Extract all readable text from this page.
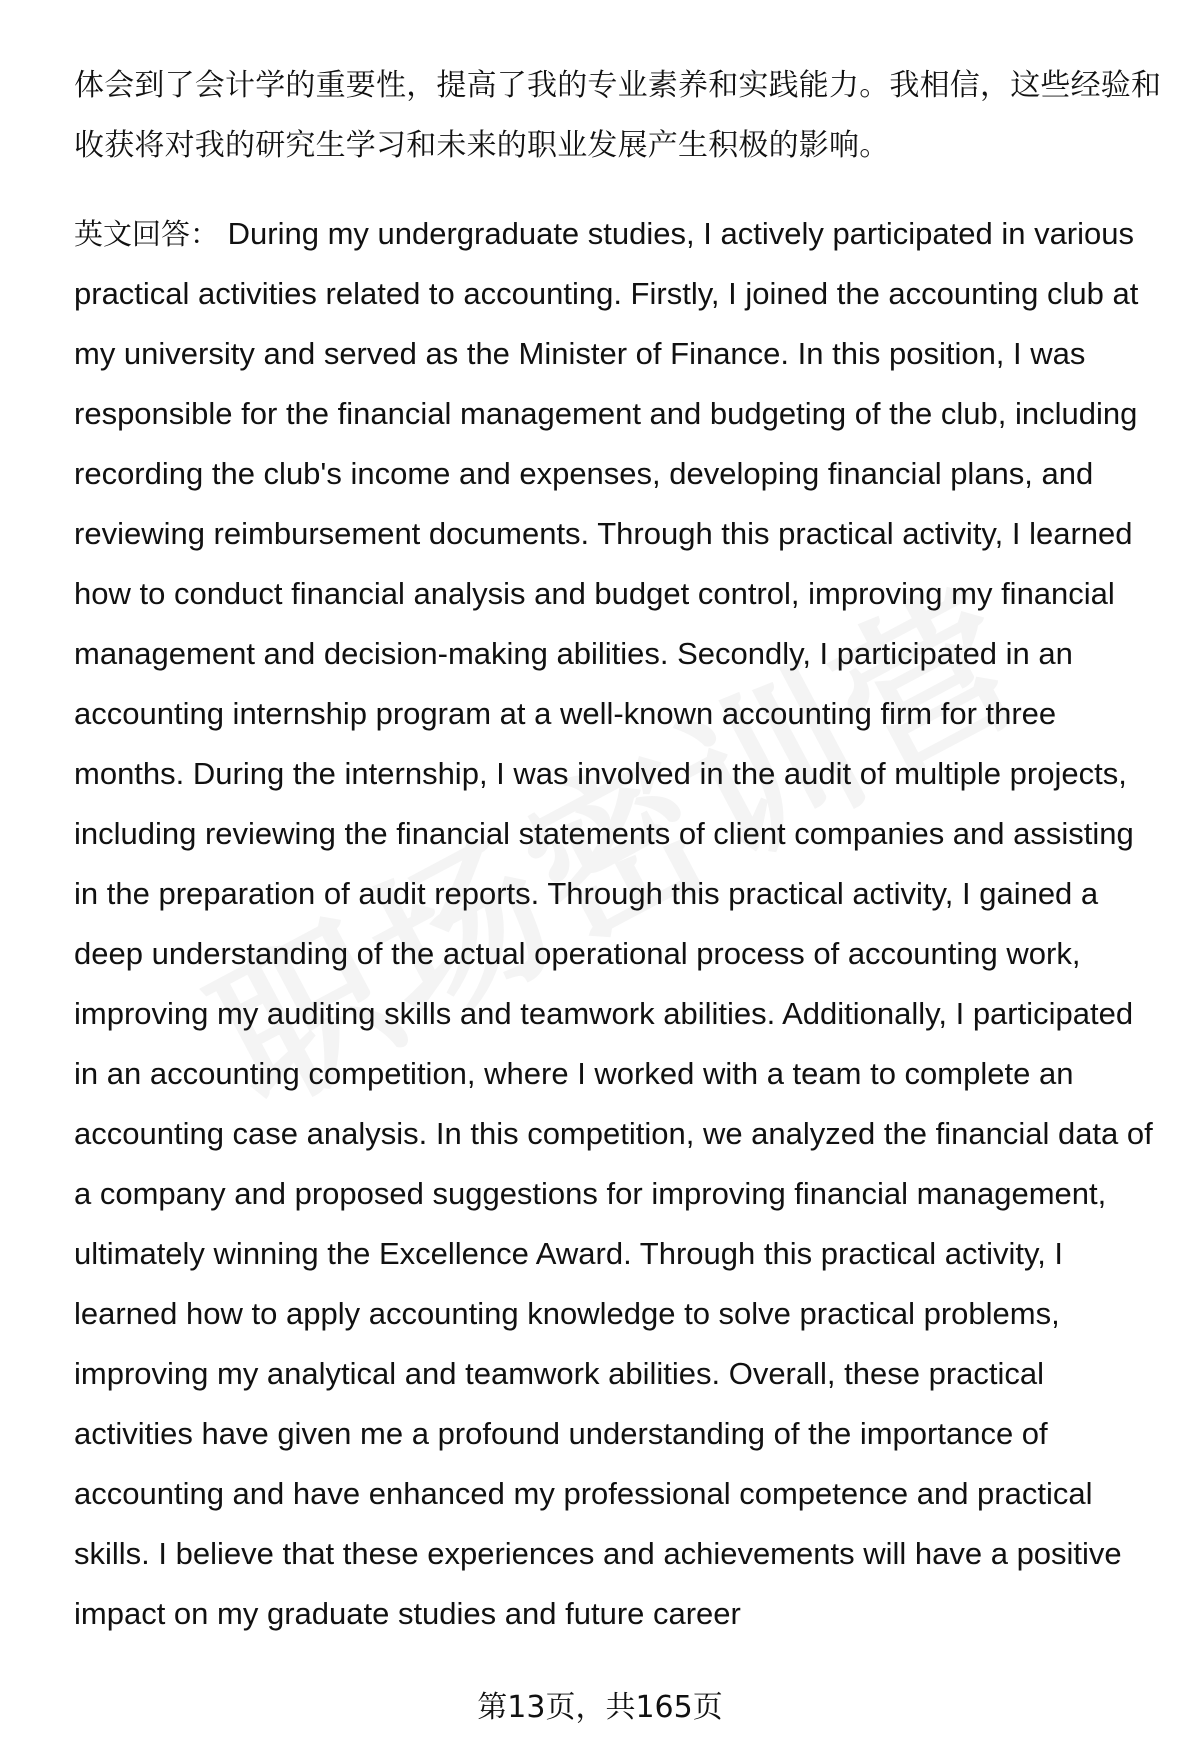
体会到了会计学的重要性，提高了我的专业素养和实践能力。我相信，这些经验和收获将对我的研究生学习和未来的职业发展产生积极的影响。

英文回答： During my undergraduate studies, I actively participated in various practical activities related to accounting. Firstly, I joined the accounting club at my university and served as the Minister of Finance. In this position, I was responsible for the financial management and budgeting of the club, including recording the club's income and expenses, developing financial plans, and reviewing reimbursement documents. Through this practical activity, I learned how to conduct financial analysis and budget control, improving my financial management and decision-making abilities. Secondly, I participated in an accounting internship program at a well-known accounting firm for three months. During the internship, I was involved in the audit of multiple projects, including reviewing the financial statements of client companies and assisting in the preparation of audit reports. Through this practical activity, I gained a deep understanding of the actual operational process of accounting work, improving my auditing skills and teamwork abilities. Additionally, I participated in an accounting competition, where I worked with a team to complete an accounting case analysis. In this competition, we analyzed the financial data of a company and proposed suggestions for improving financial management, ultimately winning the Excellence Award. Through this practical activity, I learned how to apply accounting knowledge to solve practical problems, improving my analytical and teamwork abilities. Overall, these practical activities have given me a profound understanding of the importance of accounting and have enhanced my professional competence and practical skills. I believe that these experiences and achievements will have a positive impact on my graduate studies and future career

第13页，共165页
